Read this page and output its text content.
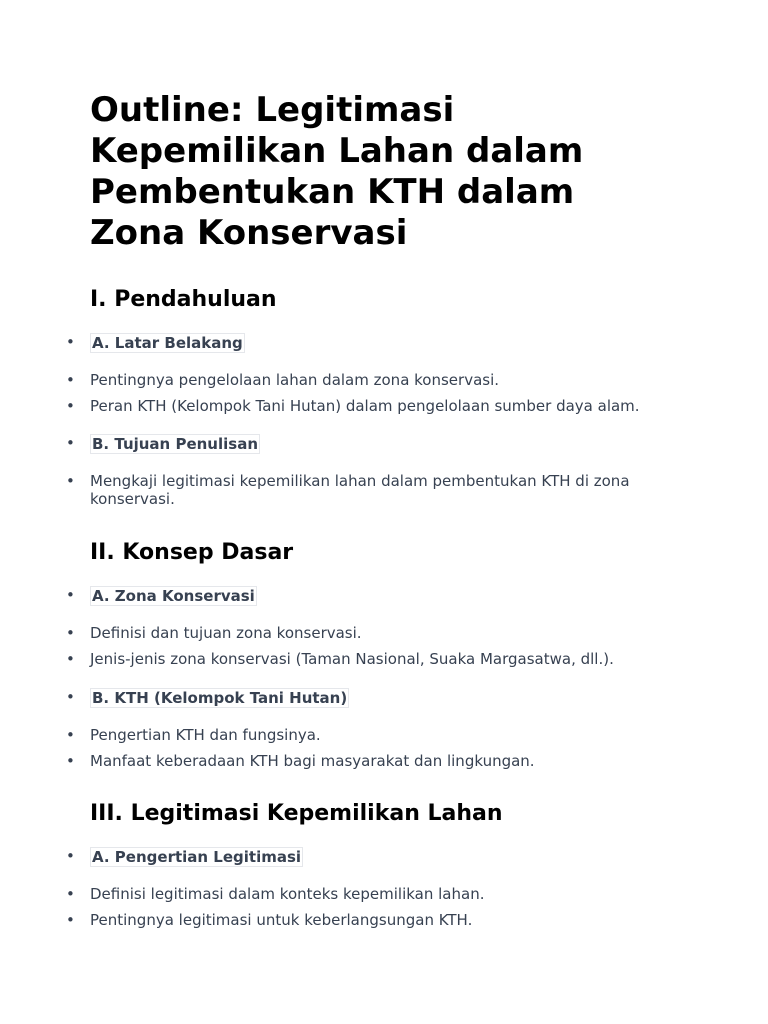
Outline: Legitimasi Kepemilikan Lahan dalam Pembentukan KTH dalam Zona Konservasi
I. Pendahuluan
•	A. Latar Belakang
•	Pentingnya pengelolaan lahan dalam zona konservasi.
•	Peran KTH (Kelompok Tani Hutan) dalam pengelolaan sumber daya alam.
•	B. Tujuan Penulisan
•	Mengkaji legitimasi kepemilikan lahan dalam pembentukan KTH di zona konservasi.
II. Konsep Dasar
•	A. Zona Konservasi
•	Definisi dan tujuan zona konservasi.
•	Jenis-jenis zona konservasi (Taman Nasional, Suaka Margasatwa, dll.).
•	B. KTH (Kelompok Tani Hutan)
•	Pengertian KTH dan fungsinya.
•	Manfaat keberadaan KTH bagi masyarakat dan lingkungan.
III. Legitimasi Kepemilikan Lahan
•	A. Pengertian Legitimasi
•	Definisi legitimasi dalam konteks kepemilikan lahan.
•	Pentingnya legitimasi untuk keberlangsungan KTH.
